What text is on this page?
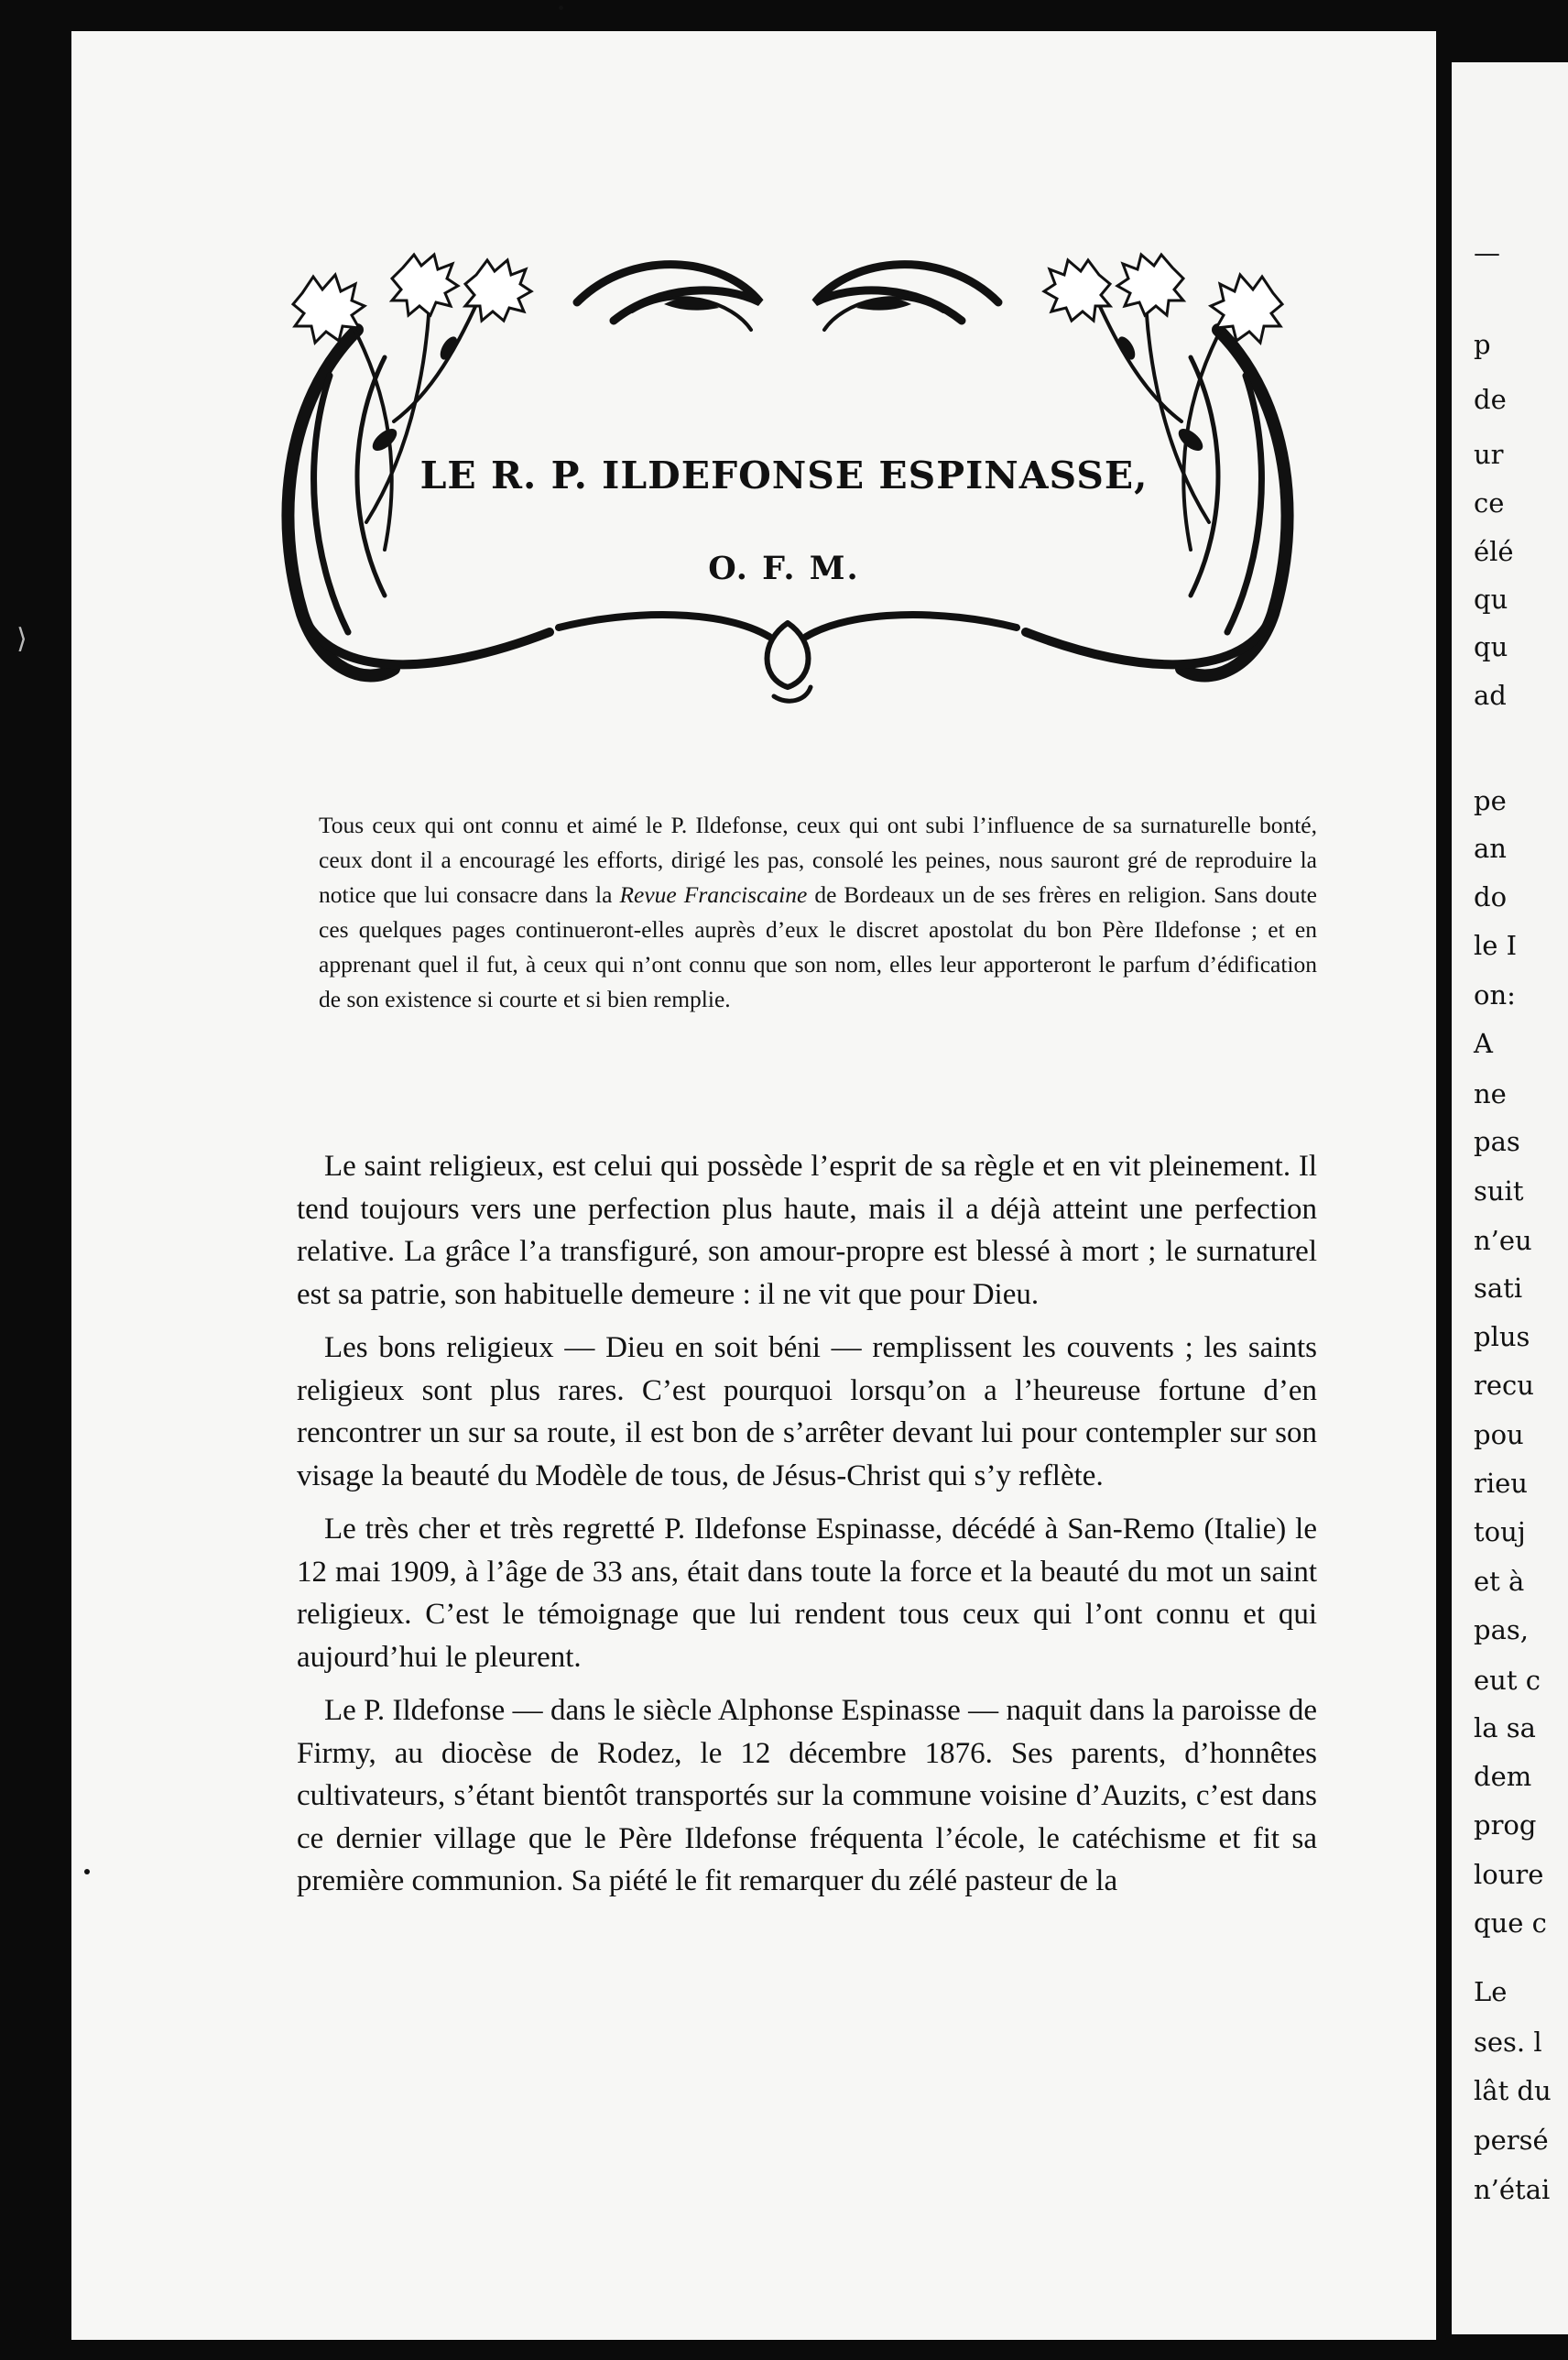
—
p
de
ur
ce
élé
qu
qu
ad
pe
an
do
le I
on:
A
ne
pas
suit
n’eu
sati
plus
recu
pou
rieu
touj
et à
pas,
eut c
la sa
dem
prog
loure
que c
Le
ses. l
lât du
persé
n’étai
⟩
LE R. P. ILDEFONSE ESPINASSE,
O. F. M.

Tous ceux qui ont connu et aimé le P. Ildefonse, ceux qui ont subi l’influence de sa surnaturelle bonté, ceux dont il a encouragé les efforts, dirigé les pas, consolé les peines, nous sauront gré de reproduire la notice que lui consacre dans la Revue Franciscaine de Bordeaux un de ses frères en religion. Sans doute ces quelques pages continueront-elles auprès d’eux le discret apostolat du bon Père Ildefonse ; et en apprenant quel il fut, à ceux qui n’ont connu que son nom, elles leur apporteront le parfum d’édification de son existence si courte et si bien remplie.

Le saint religieux, est celui qui possède l’esprit de sa règle et en vit pleinement. Il tend toujours vers une perfection plus haute, mais il a déjà atteint une perfection relative. La grâce l’a transfiguré, son amour-propre est blessé à mort ; le surnaturel est sa patrie, son habituelle demeure : il ne vit que pour Dieu.

Les bons religieux — Dieu en soit béni — remplissent les couvents ; les saints religieux sont plus rares. C’est pourquoi lorsqu’on a l’heureuse fortune d’en rencontrer un sur sa route, il est bon de s’arrêter devant lui pour contempler sur son visage la beauté du Modèle de tous, de Jésus-Christ qui s’y reflète.

Le très cher et très regretté P. Ildefonse Espinasse, décédé à San-Remo (Italie) le 12 mai 1909, à l’âge de 33 ans, était dans toute la force et la beauté du mot un saint religieux. C’est le témoignage que lui rendent tous ceux qui l’ont connu et qui aujourd’hui le pleurent.

Le P. Ildefonse — dans le siècle Alphonse Espinasse — naquit dans la paroisse de Firmy, au diocèse de Rodez, le 12 décembre 1876. Ses parents, d’honnêtes cultivateurs, s’étant bientôt transportés sur la commune voisine d’Auzits, c’est dans ce dernier village que le Père Ildefonse fréquenta l’école, le catéchisme et fit sa première communion. Sa piété le fit remarquer du zélé pasteur de la
